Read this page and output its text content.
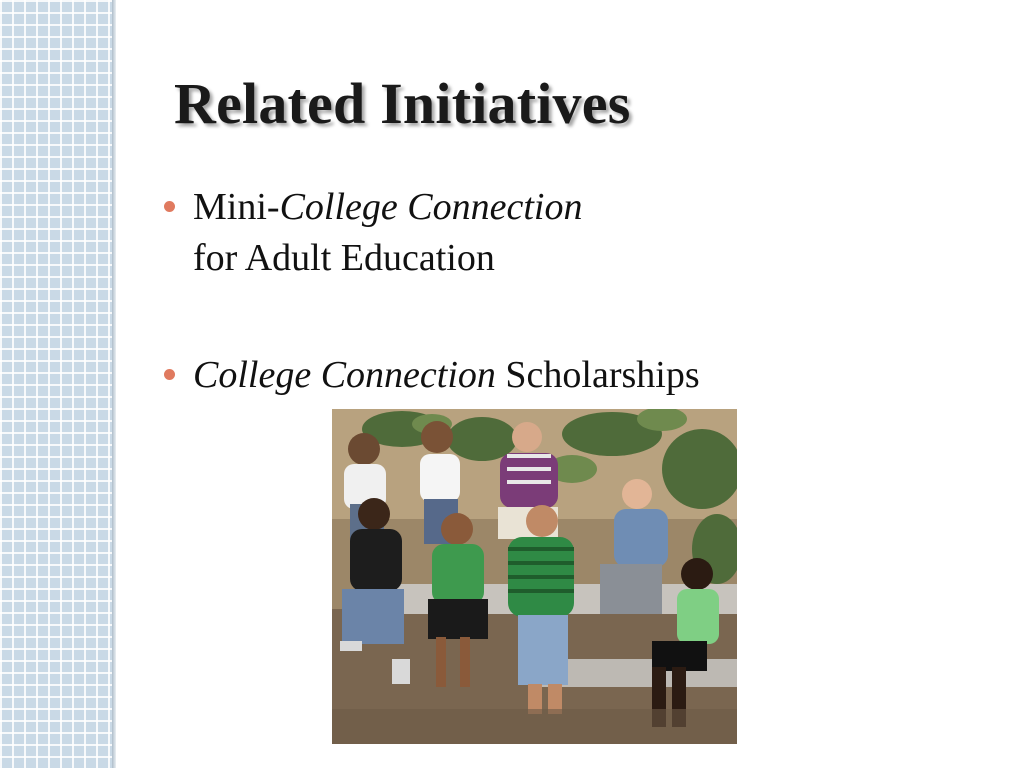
Related Initiatives
Mini-College Connection
for Adult Education
College Connection Scholarships
